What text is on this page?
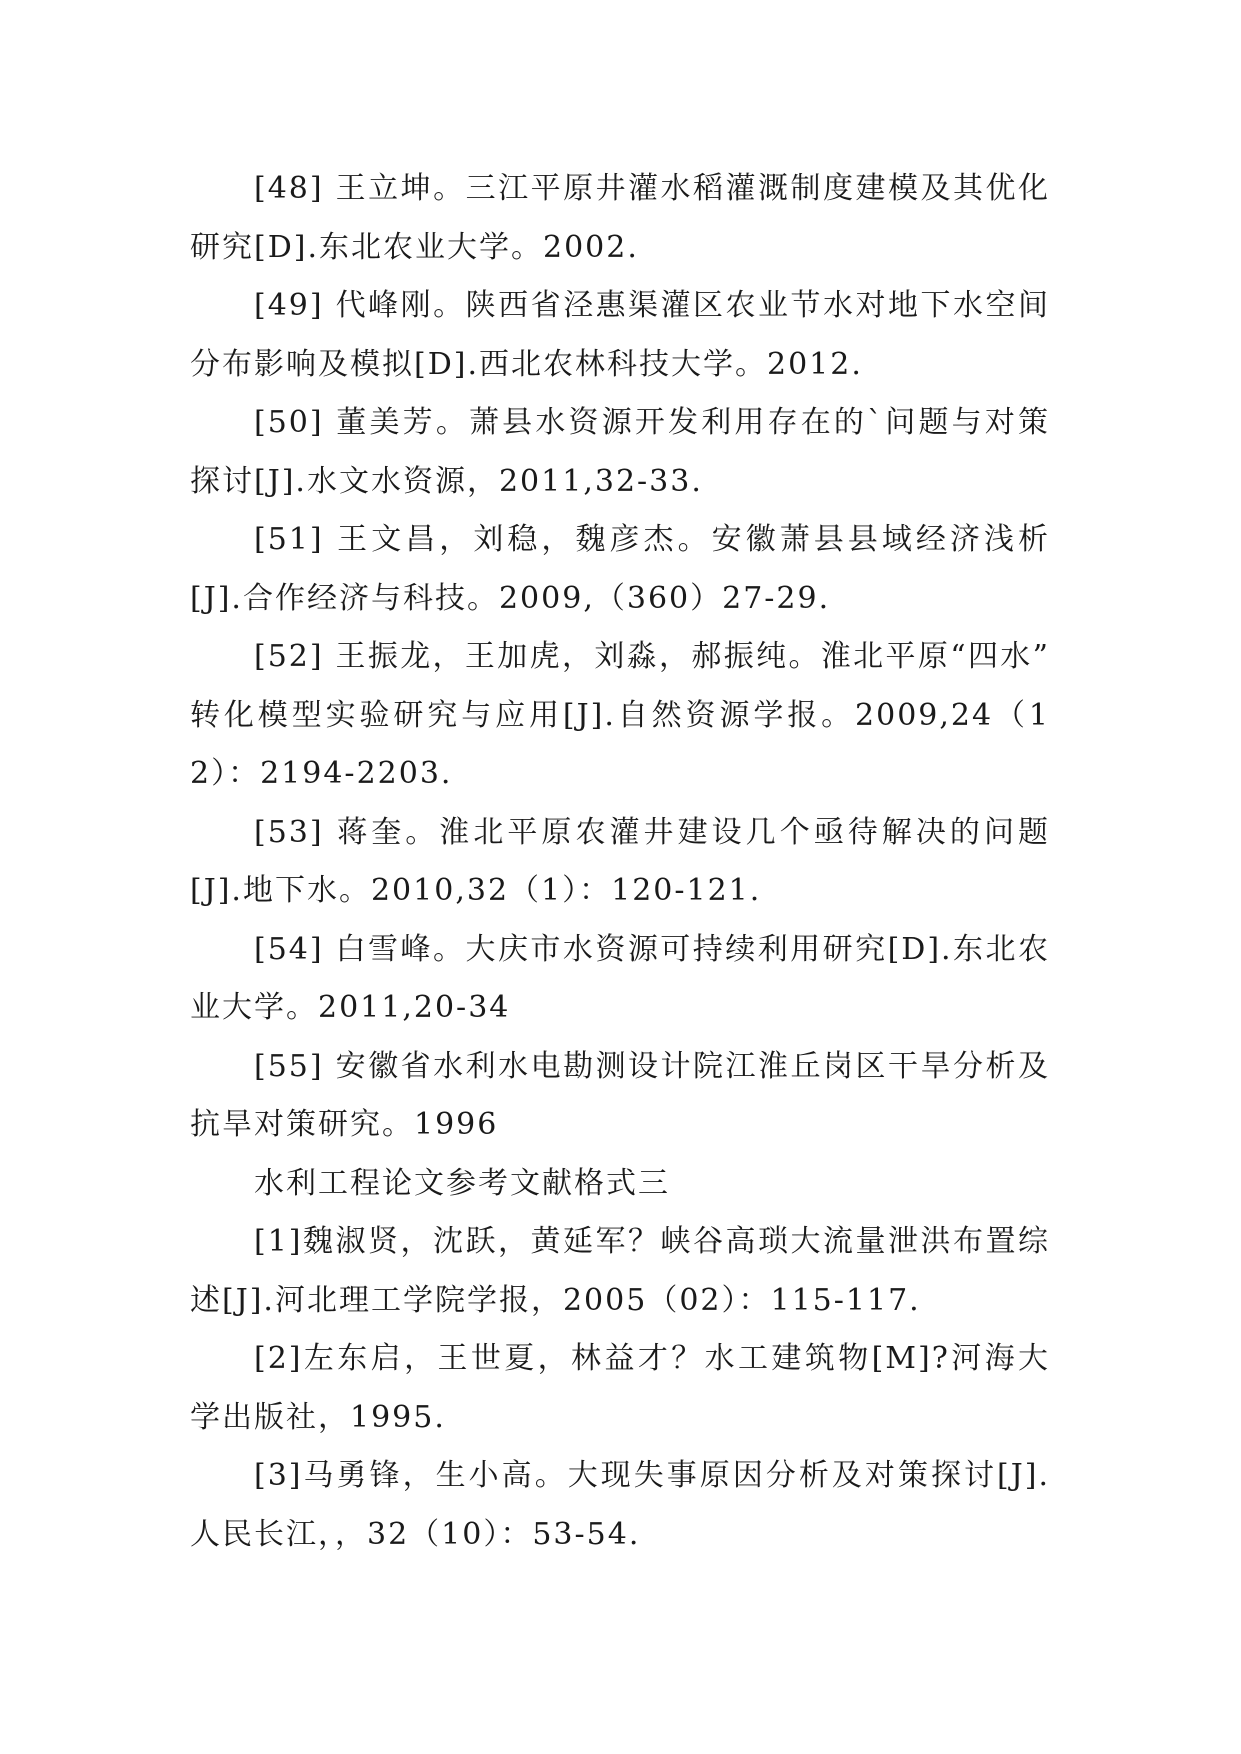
[48] 王立坤。三江平原井灌水稻灌溉制度建模及其优化研究[D].东北农业大学。2002.

[49] 代峰刚。陕西省泾惠渠灌区农业节水对地下水空间分布影响及模拟[D].西北农林科技大学。2012.

[50] 董美芳。萧县水资源开发利用存在的`问题与对策探讨[J].水文水资源，2011,32-33.

[51] 王文昌，刘稳，魏彦杰。安徽萧县县域经济浅析[J].合作经济与科技。2009,（360）27-29.

[52] 王振龙，王加虎，刘淼，郝振纯。淮北平原“四水” 转化模型实验研究与应用[J].自然资源学报。2009,24（12）：2194-2203.

[53] 蒋奎。淮北平原农灌井建设几个亟待解决的问题[J].地下水。2010,32（1）：120-121.

[54] 白雪峰。大庆市水资源可持续利用研究[D].东北农业大学。2011,20-34

[55] 安徽省水利水电勘测设计院江淮丘岗区干旱分析及抗旱对策研究。1996

水利工程论文参考文献格式三

[1]魏淑贤，沈跃，黄延军？峡谷高琐大流量泄洪布置综述[J].河北理工学院学报，2005（02）：115-117.

[2]左东启，王世夏，林益才？水工建筑物[M]?河海大学出版社，1995.

[3]马勇锋，生小高。大现失事原因分析及对策探讨[J].人民长江，，32（10）：53-54.
